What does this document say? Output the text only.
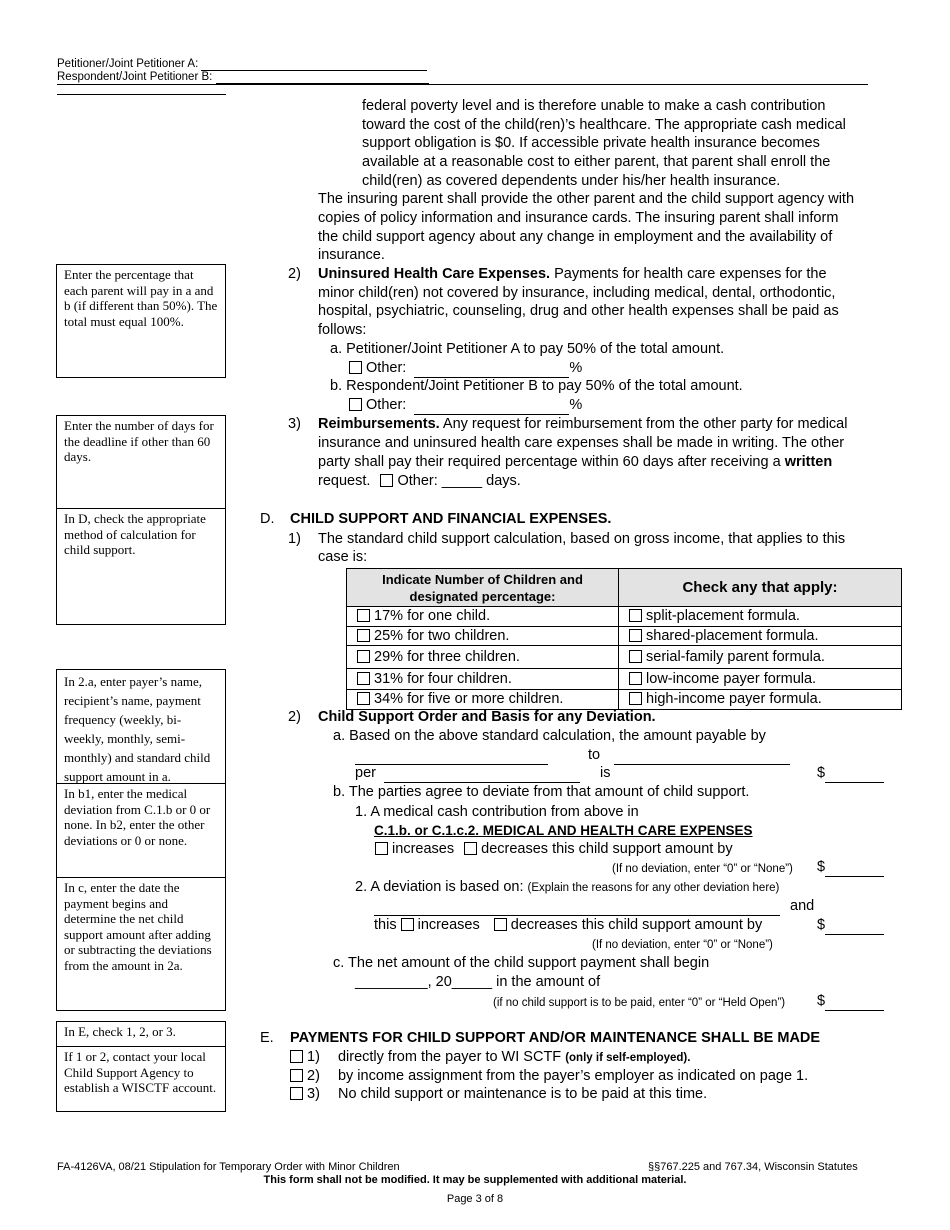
Petitioner/Joint Petitioner A:
Respondent/Joint Petitioner B:
Enter the percentage that each parent will pay in a and b (if different than 50%). The total must equal 100%.
Enter the number of days for the deadline if other than 60 days.
In D, check the appropriate method of calculation for child support.
In 2.a, enter payer’s name, recipient’s name, payment frequency (weekly, bi-weekly, monthly, semi-monthly) and standard child support amount in a.
In b1, enter the medical deviation from C.1.b or 0 or none. In b2, enter the other deviations or 0 or none.
In c, enter the date the payment begins and determine the net child support amount after adding or subtracting the deviations from the amount in 2a.
In E, check 1, 2, or 3.
If 1 or 2, contact your local Child Support Agency to establish a WISCTF account.
federal poverty level and is therefore unable to make a cash contribution
toward the cost of the child(ren)’s healthcare. The appropriate cash medical
support obligation is $0. If accessible private health insurance becomes
available at a reasonable cost to either parent, that parent shall enroll the
child(ren) as covered dependents under his/her health insurance.
The insuring parent shall provide the other parent and the child support agency with
copies of policy information and insurance cards. The insuring parent shall inform
the child support agency about any change in employment and the availability of
insurance.
2) Uninsured Health Care Expenses. Payments for health care expenses for the
minor child(ren) not covered by insurance, including medical, dental, orthodontic,
hospital, psychiatric, counseling, drug and other health expenses shall be paid as
follows:
a. Petitioner/Joint Petitioner A to pay 50% of the total amount.
Other:	%
b. Respondent/Joint Petitioner B to pay 50% of the total amount.
Other:	%
3) Reimbursements. Any request for reimbursement from the other party for medical
insurance and uninsured health care expenses shall be made in writing. The other
party shall pay their required percentage within 60 days after receiving a written
request. Other: _____ days.
D. CHILD SUPPORT AND FINANCIAL EXPENSES.
1) The standard child support calculation, based on gross income, that applies to this
case is:
Indicate Number of Children and designated percentage:	Check any that apply:
17% for one child.	split-placement formula.
25% for two children.	shared-placement formula.
29% for three children.	serial-family parent formula.
31% for four children.	low-income payer formula.
34% for five or more children.	high-income payer formula.
2) Child Support Order and Basis for any Deviation.
a. Based on the above standard calculation, the amount payable by
to
per	is	$
b. The parties agree to deviate from that amount of child support.
1. A medical cash contribution from above in
C.1.b. or C.1.c.2. MEDICAL AND HEALTH CARE EXPENSES
increases decreases this child support amount by
(If no deviation, enter “0” or “None”) $
2. A deviation is based on: (Explain the reasons for any other deviation here)
and
this increases decreases this child support amount by	$
(If no deviation, enter “0” or “None”)
c. The net amount of the child support payment shall begin
_________, 20_____ in the amount of
(if no child support is to be paid, enter “0” or “Held Open”) $
E. PAYMENTS FOR CHILD SUPPORT AND/OR MAINTENANCE SHALL BE MADE
1) directly from the payer to WI SCTF (only if self-employed).
2) by income assignment from the payer’s employer as indicated on page 1.
3) No child support or maintenance is to be paid at this time.
FA-4126VA, 08/21 Stipulation for Temporary Order with Minor Children	§§767.225 and 767.34, Wisconsin Statutes
This form shall not be modified. It may be supplemented with additional material.
Page 3 of 8
